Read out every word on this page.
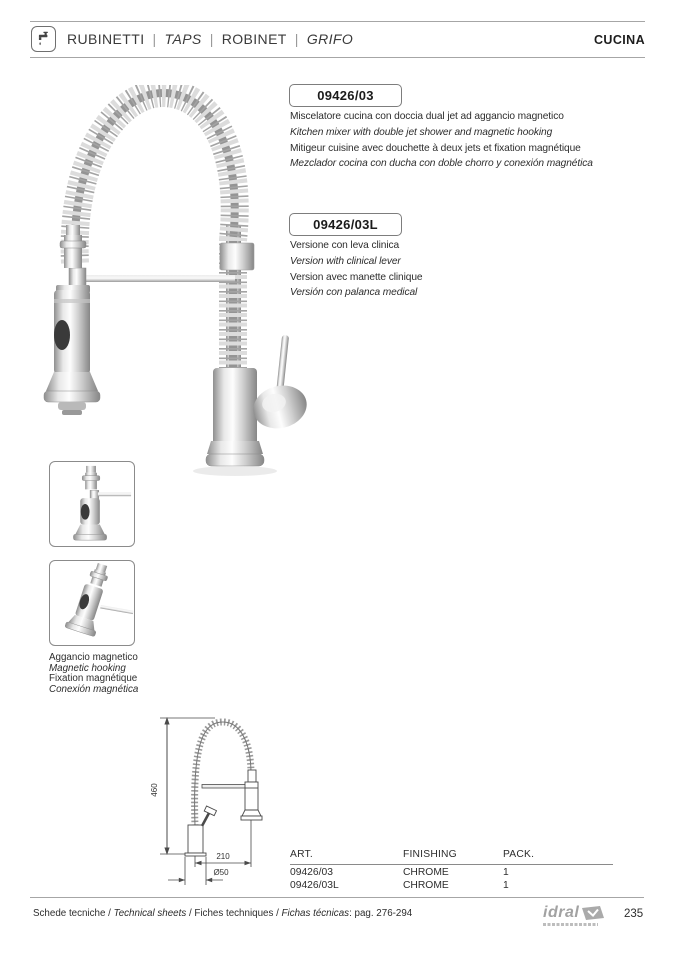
RUBINETTI | TAPS | ROBINET | GRIFO	CUCINA
09426/03

Miscelatore cucina con doccia dual jet ad aggancio magnetico

Kitchen mixer with double jet shower and magnetic hooking

Mitigeur cuisine avec douchette à deux jets et fixation magnétique

Mezclador cocina con ducha con doble chorro y conexión magnética

09426/03L

Versione con leva clinica

Version with clinical lever

Version avec manette clinique

Versión con palanca medical

Aggancio magnetico

Magnetic hooking

Fixation magnétique

Conexión magnética

460
210
Ø50
ART.	FINISHING	PACK.
09426/03	CHROME	1
09426/03L	CHROME	1
Schede tecniche / Technical sheets / Fiches techniques / Fichas técnicas: pag. 276-294	idral	235
